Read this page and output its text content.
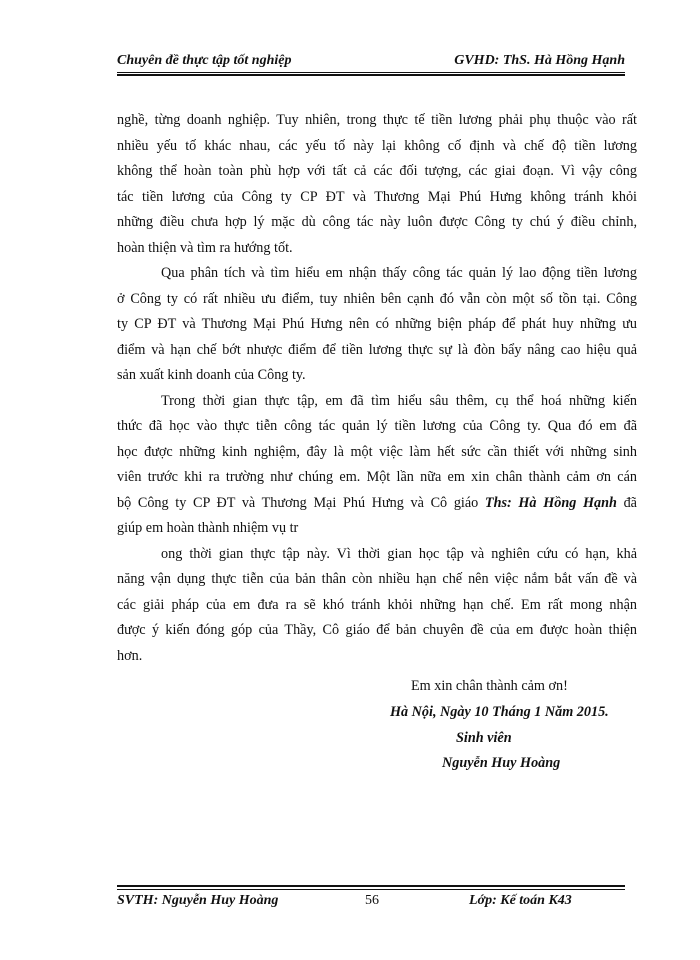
Chuyên đề thực tập tốt nghiệp	GVHD: ThS. Hà Hồng Hạnh
nghề, từng doanh nghiệp. Tuy nhiên, trong thực tế tiền lương phải phụ thuộc vào rất
nhiều yếu tố khác nhau, các yếu tố này lại không cố định và chế độ tiền lương
không thể hoàn toàn phù hợp với tất cả các đối tượng, các giai đoạn. Vì vậy công
tác tiền lương của Công ty CP ĐT và Thương Mại Phú Hưng không tránh khỏi
những điều chưa hợp lý mặc dù công tác này luôn được Công ty chú ý điều chỉnh,
hoàn thiện và tìm ra hướng tốt.
Qua phân tích và tìm hiểu em nhận thấy công tác quản lý lao động tiền lương
ở Công ty có rất nhiều ưu điểm, tuy nhiên bên cạnh đó vẫn còn một số tồn tại. Công
ty CP ĐT và Thương Mại Phú Hưng nên có những biện pháp để phát huy những ưu
điểm và hạn chế bớt nhược điểm để tiền lương thực sự là đòn bẩy nâng cao hiệu quả
sản xuất kinh doanh của Công ty.
Trong thời gian thực tập, em đã tìm hiểu sâu thêm, cụ thể hoá những kiến
thức đã học vào thực tiễn công tác quản lý tiền lương của Công ty. Qua đó em đã
học được những kinh nghiệm, đây là một việc làm hết sức cần thiết với những sinh
viên trước khi ra trường như chúng em. Một lần nữa em xin chân thành cảm ơn cán
bộ Công ty CP ĐT và Thương Mại Phú Hưng và Cô giáo Ths: Hà Hồng Hạnh đã
giúp em hoàn thành nhiệm vụ tr
ong thời gian thực tập này. Vì thời gian học tập và nghiên cứu có hạn, khả
năng vận dụng thực tiễn của bản thân còn nhiều hạn chế nên việc nắm bắt vấn đề và
các giải pháp của em đưa ra sẽ khó tránh khỏi những hạn chế. Em rất mong nhận
được ý kiến đóng góp của Thầy, Cô giáo để bản chuyên đề của em được hoàn thiện
hơn.
Em xin chân thành cảm ơn!
Hà Nội, Ngày 10 Tháng 1 Năm 2015.
Sinh viên
Nguyễn Huy Hoàng
SVTH: Nguyễn Huy Hoàng	56	Lớp: Kế toán K43
